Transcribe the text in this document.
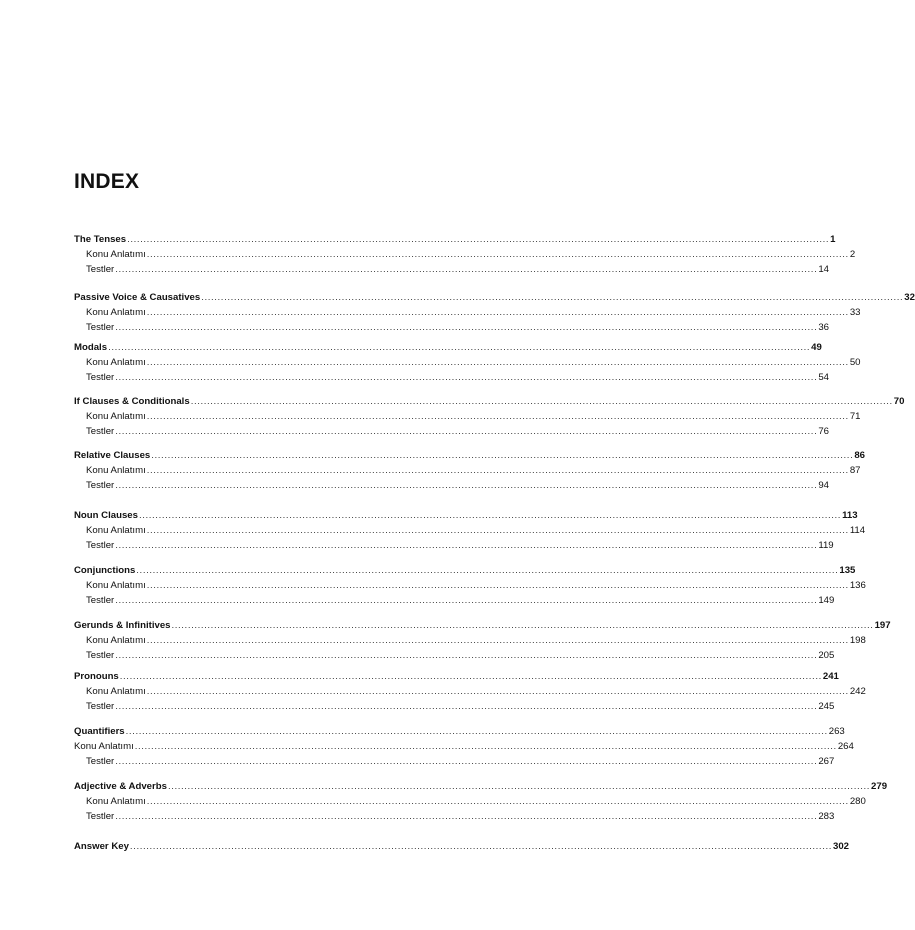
INDEX
The Tenses ....................................................................................................................................................................................................................... 1
Konu Anlatımı ....................................................................................................................................................................................................................... 2
Testler ....................................................................................................................................................................................................................... 14
Passive Voice & Causatives ....................................................................................................................................................................................................................... 32
Konu Anlatımı ....................................................................................................................................................................................................................... 33
Testler ....................................................................................................................................................................................................................... 36
Modals ....................................................................................................................................................................................................................... 49
Konu Anlatımı ....................................................................................................................................................................................................................... 50
Testler ....................................................................................................................................................................................................................... 54
If Clauses & Conditionals ....................................................................................................................................................................................................................... 70
Konu Anlatımı ....................................................................................................................................................................................................................... 71
Testler ....................................................................................................................................................................................................................... 76
Relative Clauses ....................................................................................................................................................................................................................... 86
Konu Anlatımı ....................................................................................................................................................................................................................... 87
Testler ....................................................................................................................................................................................................................... 94
Noun Clauses ....................................................................................................................................................................................................................... 113
Konu Anlatımı ....................................................................................................................................................................................................................... 114
Testler ....................................................................................................................................................................................................................... 119
Conjunctions ....................................................................................................................................................................................................................... 135
Konu Anlatımı ....................................................................................................................................................................................................................... 136
Testler ....................................................................................................................................................................................................................... 149
Gerunds & Infinitives ....................................................................................................................................................................................................................... 197
Konu Anlatımı ....................................................................................................................................................................................................................... 198
Testler ....................................................................................................................................................................................................................... 205
Pronouns ....................................................................................................................................................................................................................... 241
Konu Anlatımı ....................................................................................................................................................................................................................... 242
Testler ....................................................................................................................................................................................................................... 245
Quantifiers ....................................................................................................................................................................................................................... 263
Konu Anlatımı ....................................................................................................................................................................................................................... 264
Testler ....................................................................................................................................................................................................................... 267
Adjective & Adverbs ....................................................................................................................................................................................................................... 279
Konu Anlatımı ....................................................................................................................................................................................................................... 280
Testler ....................................................................................................................................................................................................................... 283
Answer Key ....................................................................................................................................................................................................................... 302
